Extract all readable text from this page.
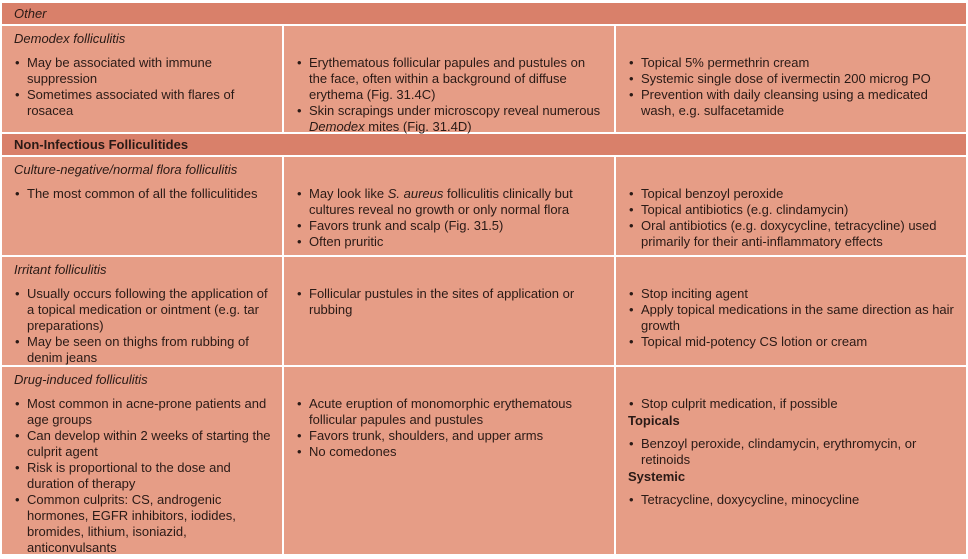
Other
Demodex folliculitis
• May be associated with immune suppression
• Sometimes associated with flares of rosacea
• Erythematous follicular papules and pustules on the face, often within a background of diffuse erythema (Fig. 31.4C)
• Skin scrapings under microscopy reveal numerous Demodex mites (Fig. 31.4D)
• Topical 5% permethrin cream
• Systemic single dose of ivermectin 200 microg PO
• Prevention with daily cleansing using a medicated wash, e.g. sulfacetamide
Non-Infectious Folliculitides
Culture-negative/normal flora folliculitis
• The most common of all the folliculitides	• May look like S. aureus folliculitis clinically but cultures reveal no growth or only normal flora
• Favors trunk and scalp (Fig. 31.5)
• Often pruritic
• Topical benzoyl peroxide
• Topical antibiotics (e.g. clindamycin)
• Oral antibiotics (e.g. doxycycline, tetracycline) used primarily for their anti-inflammatory effects
Irritant folliculitis
• Usually occurs following the application of a topical medication or ointment (e.g. tar preparations)
• May be seen on thighs from rubbing of denim jeans
• Follicular pustules in the sites of application or rubbing
• Stop inciting agent
• Apply topical medications in the same direction as hair growth
• Topical mid-potency CS lotion or cream
Drug-induced folliculitis
• Most common in acne-prone patients and age groups
• Can develop within 2 weeks of starting the culprit agent
• Risk is proportional to the dose and duration of therapy
• Common culprits: CS, androgenic hormones, EGFR inhibitors, iodides, bromides, lithium, isoniazid, anticonvulsants
• Acute eruption of monomorphic erythematous follicular papules and pustules
• Favors trunk, shoulders, and upper arms
• No comedones
• Stop culprit medication, if possible
Topicals
• Benzoyl peroxide, clindamycin, erythromycin, or retinoids
Systemic
• Tetracycline, doxycycline, minocycline
